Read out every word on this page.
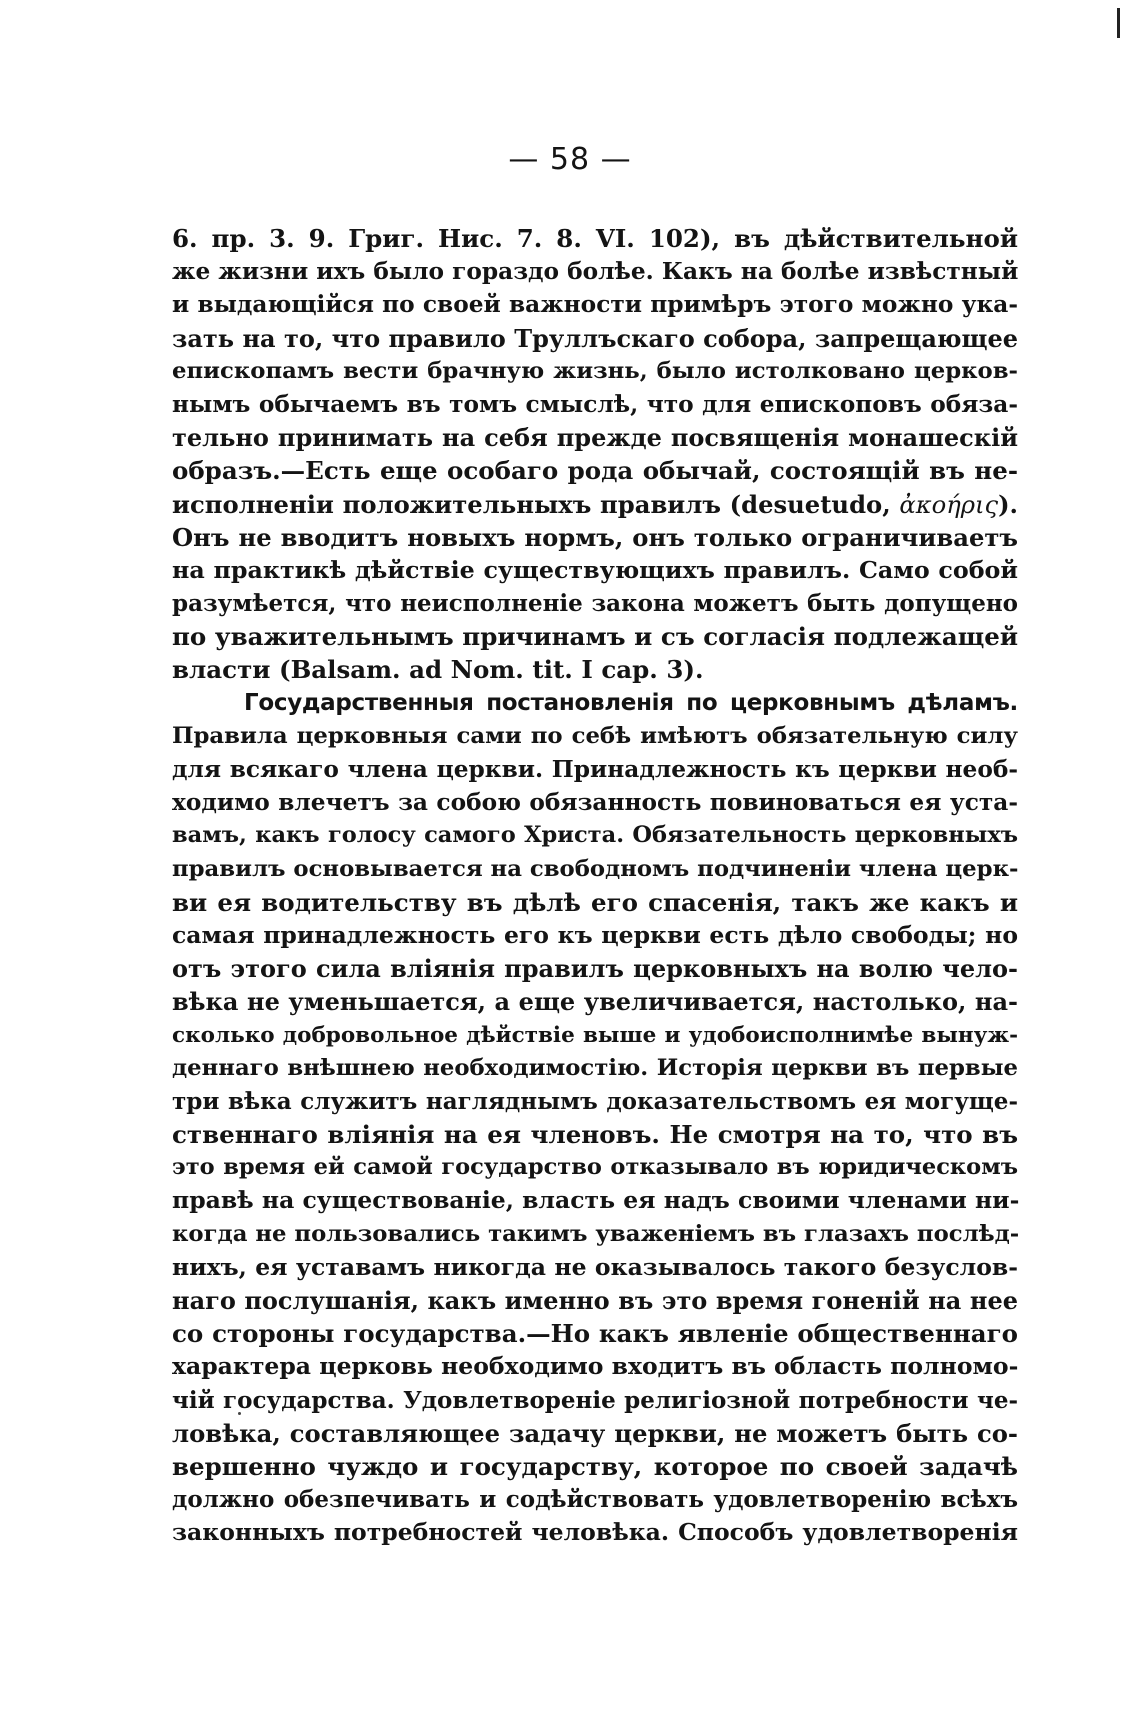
— 58 —
6. пр. 3. 9. Григ. Нис. 7. 8. VI. 102), въ дѣйствительной
же жизни ихъ было гораздо болѣе. Какъ на болѣе извѣстный
и выдающійся по своей важности примѣръ этого можно ука-
зать на то, что правило Труллъскаго собора, запрещающее
епископамъ вести брачную жизнь, было истолковано церков-
нымъ обычаемъ въ томъ смыслѣ, что для епископовъ обяза-
тельно принимать на себя прежде посвященія монашескій
образъ.—Есть еще особаго рода обычай, состоящій въ не-
исполненіи положительныхъ правилъ (desuetudo, ἀκοήρις).
Онъ не вводитъ новыхъ нормъ, онъ только ограничиваетъ
на практикѣ дѣйствіе существующихъ правилъ. Само собой
разумѣется, что неисполненіе закона можетъ быть допущено
по уважительнымъ причинамъ и съ согласія подлежащей
власти (Balsam. ad Nom. tit. I cap. 3).
Государственныя постановленія по церковнымъ дѣламъ.
Правила церковныя сами по себѣ имѣютъ обязательную силу
для всякаго члена церкви. Принадлежность къ церкви необ-
ходимо влечетъ за собою обязанность повиноваться ея уста-
вамъ, какъ голосу самого Христа. Обязательность церковныхъ
правилъ основывается на свободномъ подчиненіи члена церк-
ви ея водительству въ дѣлѣ его спасенія, такъ же какъ и
самая принадлежность его къ церкви есть дѣло свободы; но
отъ этого сила вліянія правилъ церковныхъ на волю чело-
вѣка не уменьшается, а еще увеличивается, настолько, на-
сколько добровольное дѣйствіе выше и удобоисполнимѣе вынуж-
деннаго внѣшнею необходимостію. Исторія церкви въ первые
три вѣка служитъ нагляднымъ доказательствомъ ея могуще-
ственнаго вліянія на ея членовъ. Не смотря на то, что въ
это время ей самой государство отказывало въ юридическомъ
правѣ на существованіе, власть ея надъ своими членами ни-
когда не пользовались такимъ уваженіемъ въ глазахъ послѣд-
нихъ, ея уставамъ никогда не оказывалось такого безуслов-
наго послушанія, какъ именно въ это время гоненій на нее
со стороны государства.—Но какъ явленіе общественнаго
характера церковь необходимо входитъ въ область полномо-
чій государства. Удовлетвореніе религіозной потребности че-
ловѣка, составляющее задачу церкви, не можетъ быть со-
вершенно чуждо и государству, которое по своей задачѣ
должно обезпечивать и содѣйствовать удовлетворенію всѣхъ
законныхъ потребностей человѣка. Способъ удовлетворенія
